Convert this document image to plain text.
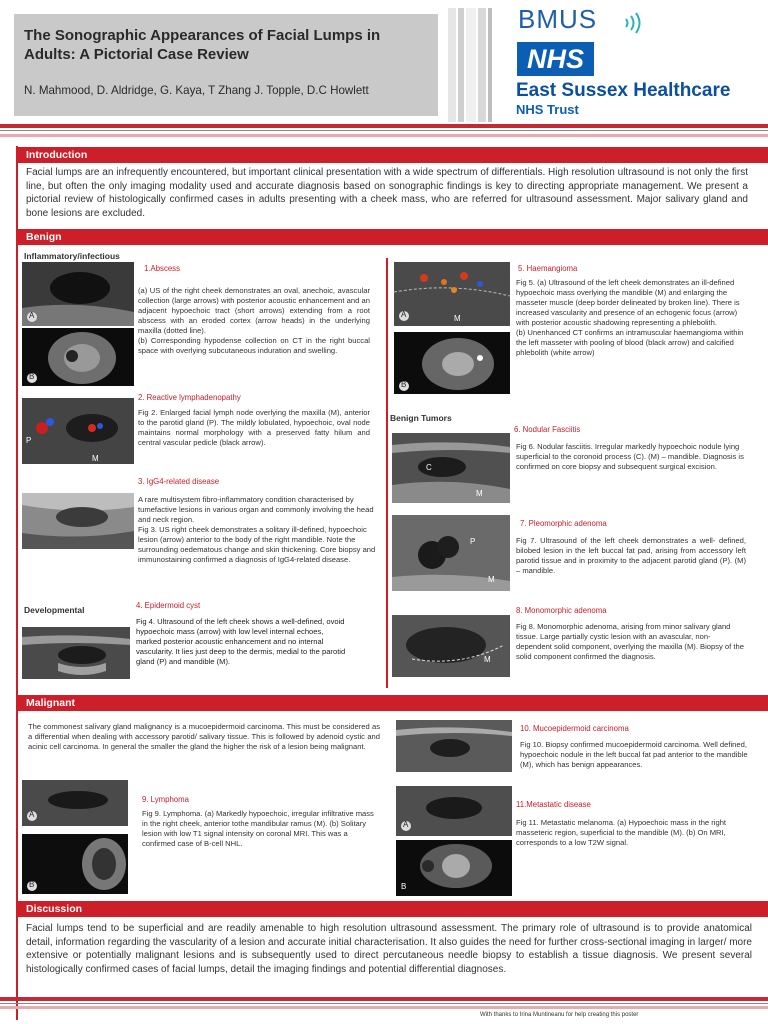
The Sonographic Appearances of Facial Lumps in Adults: A Pictorial Case Review
N. Mahmood, D. Aldridge, G. Kaya, T Zhang J. Topple, D.C Howlett
BMUS
NHS
East Sussex Healthcare
NHS Trust
Introduction
Facial lumps are an infrequently encountered, but important clinical presentation with a wide spectrum of differentials. High resolution ultrasound is not only the first line, but often the only imaging modality used and accurate diagnosis based on sonographic findings is key to directing appropriate management. We present a pictorial review of histologically confirmed cases in adults presenting with a cheek mass, who are referred for ultrasound assessment. Major salivary gland and bone lesions are excluded.
Benign
Inflammatory/infectious
A
B
1.Abscess
(a) US of the right cheek demonstrates an oval, anechoic, avascular collection (large arrows) with posterior acoustic enhancement and an adjacent hypoechoic tract (short arrows) extending from a root abscess with an eroded cortex (arrow heads) in the underlying maxilla (dotted line).
(b) Corresponding hypodense collection on CT in the right buccal space with overlying subcutaneous induration and swelling.
P
M
2. Reactive lymphadenopathy
Fig 2. Enlarged facial lymph node overlying the maxilla (M), anterior to the parotid gland (P). The mildly lobulated, hypoechoic, oval node maintains normal morphology with a preserved fatty hilum and central vascular pedicle (black arrow).
3. IgG4-related disease
A rare multisystem fibro-inflammatory condition characterised by tumefactive lesions in various organ and commonly involving the head and neck region.
Fig 3. US right cheek demonstrates a solitary ill-defined, hypoechoic lesion (arrow) anterior to the body of the right mandible. Note the surrounding oedematous change and skin thickening. Core biopsy and immunostaining confirmed a diagnosis of IgG4-related disease.
Developmental	4. Epidermoid cyst
Fig 4. Ultrasound of the left cheek shows a well-defined, ovoid hypoechoic mass (arrow) with low level internal echoes, marked posterior acoustic enhancement and no internal vascularity. It lies just deep to the dermis, medial to the parotid gland (P) and mandible (M).
A	M
B
5. Haemangioma
Fig 5. (a) Ultrasound of the left cheek demonstrates an ill-defined hypoechoic mass overlying the mandible (M) and enlarging the masseter muscle (deep border delineated by broken line). There is increased vascularity and presence of an echogenic focus (arrow) with posterior acoustic shadowing representing a phlebolith.
(b) Unenhanced CT confirms an intramuscular haemangioma within the left masseter with pooling of blood (black arrow) and calcified phlebolith (white arrow)
Benign Tumors
C
M
6. Nodular Fasciitis
Fig 6. Nodular fasciitis. Irregular markedly hypoechoic nodule lying superficial to the coronoid process (C). (M) – mandible. Diagnosis is confirmed on core biopsy and subsequent surgical excision.
P
M
7. Pleomorphic adenoma
Fig 7. Ultrasound of the left cheek demonstrates a well- defined, bilobed lesion in the left buccal fat pad, arising from accessory left parotid tissue and in proximity to the adjacent parotid gland (P). (M) – mandible.
M
8. Monomorphic adenoma
Fig 8. Monomorphic adenoma, arising from minor salivary gland tissue. Large partially cystic lesion with an avascular, non-dependent solid component, overlying the maxilla (M). Biopsy of the solid component confirmed the diagnosis.
Malignant
The commonest salivary gland malignancy is a mucoepidermoid carcinoma. This must be considered as a differential when dealing with accessory parotid/ salivary tissue. This is followed by adenoid cystic and acinic cell carcinoma. In general the smaller the gland the higher the risk of a lesion being malignant.
A
B
9. Lymphoma
Fig 9. Lymphoma. (a) Markedly hypoechoic, irregular infiltrative mass in the right cheek, anterior tothe mandibular ramus (M). (b) Solitary lesion with low T1 signal intensity on coronal MRI. This was a confirmed case of B-cell NHL.
10. Mucoepidermoid carcinoma
Fig 10. Biopsy confirmed mucoepidermoid carcinoma. Well defined, hypoechoic nodule in the left buccal fat pad anterior to the mandible (M), which has benign appearances.
A
B
11.Metastatic disease
Fig 11. Metastatic melanoma. (a) Hypoechoic mass in the right masseteric region, superficial to the mandible (M). (b) On MRI, corresponds to a low T2W signal.
Discussion
Facial lumps tend to be superficial and are readily amenable to high resolution ultrasound assessment. The primary role of ultrasound is to provide anatomical detail, information regarding the vascularity of a lesion and accurate initial characterisation. It also guides the need for further cross-sectional imaging in larger/ more extensive or potentially malignant lesions and is subsequently used to direct percutaneous needle biopsy to establish a tissue diagnosis. We present several histologically confirmed cases of facial lumps, detail the imaging findings and potential differential diagnoses.
With thanks to Irina Muntineanu for help creating this poster
